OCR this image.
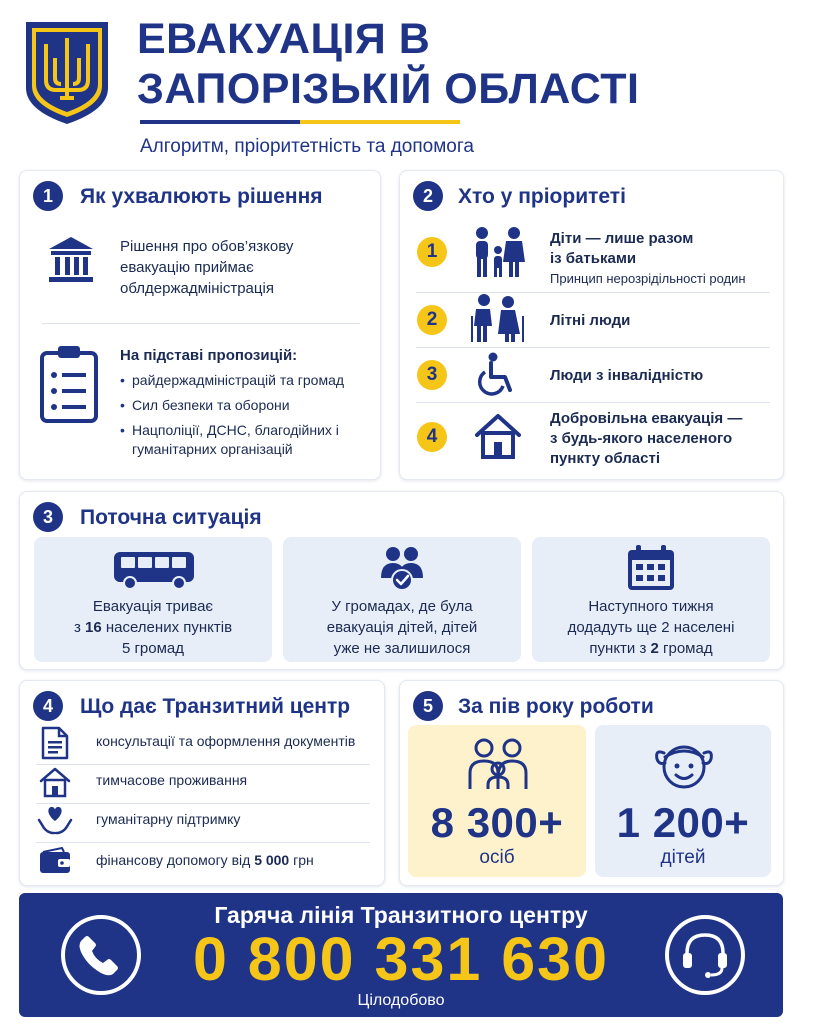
ЕВАКУАЦІЯ В
ЗАПОРІЗЬКІЙ ОБЛАСТІ
Алгоритм, пріоритетність та допомога
1	Як ухвалюють рішення
Рішення про обов’язкову евакуацію приймає облдержадміністрація
На підставі пропозицій:
• райдержадміністрацій та громад
• Сил безпеки та оборони
• Нацполіції, ДСНС, благодійних і гуманітарних організацій
2	Хто у пріоритеті
1
Діти — лише разом із батьками
Принцип нерозрідільності родин
2	Літні люди
3	Люди з інвалідністю
4
Добровільна евакуація — з будь-якого населеного пункту області
3	Поточна ситуація
Евакуація триває
з 16 населених пунктів
5 громад
У громадах, де була
евакуація дітей, дітей
уже не залишилося
Наступного тижня
додадуть ще 2 населені
пункти з 2 громад
4	Що дає Транзитний центр
консультації та оформлення документів
тимчасове проживання
гуманітарну підтримку
фінансову допомогу від 5 000 грн
5	За пів року роботи
8 300+
осіб
1 200+
дітей
Гаряча лінія Транзитного центру
0 800 331 630
Цілодобово
